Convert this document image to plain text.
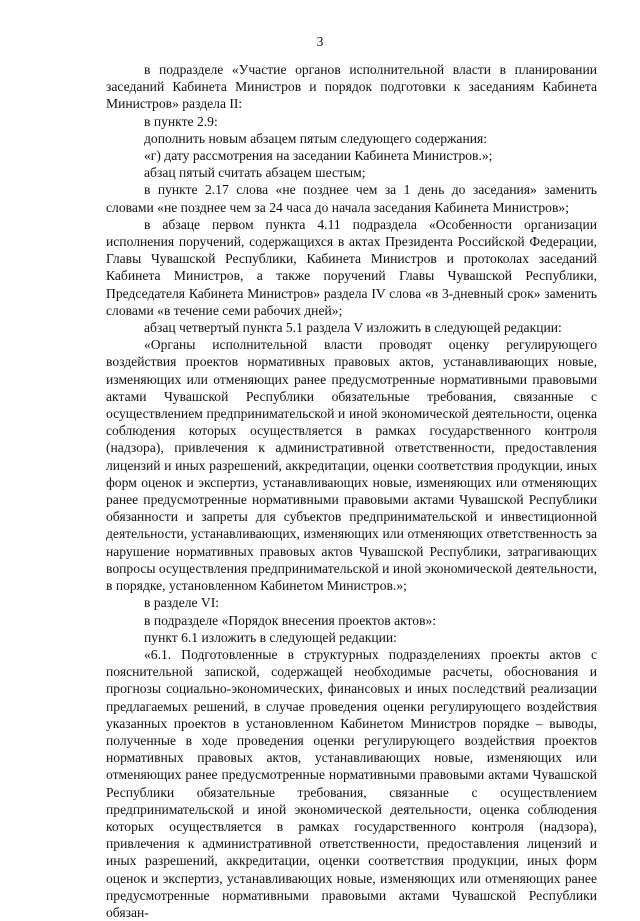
3

в подразделе «Участие органов исполнительной власти в планировании заседаний Кабинета Министров и порядок подготовки к заседаниям Кабинета Министров» раздела II:

в пункте 2.9:

дополнить новым абзацем пятым следующего содержания:

«г) дату рассмотрения на заседании Кабинета Министров.»;

абзац пятый считать абзацем шестым;

в пункте 2.17 слова «не позднее чем за 1 день до заседания» заменить словами «не позднее чем за 24 часа до начала заседания Кабинета Министров»;

в абзаце первом пункта 4.11 подраздела «Особенности организации исполнения поручений, содержащихся в актах Президента Российской Федерации, Главы Чувашской Республики, Кабинета Министров и протоколах заседаний Кабинета Министров, а также поручений Главы Чувашской Республики, Председателя Кабинета Министров» раздела IV слова «в 3-дневный срок» заменить словами «в течение семи рабочих дней»;

абзац четвертый пункта 5.1 раздела V изложить в следующей редакции:

«Органы исполнительной власти проводят оценку регулирующего воздействия проектов нормативных правовых актов, устанавливающих новые, изменяющих или отменяющих ранее предусмотренные нормативными правовыми актами Чувашской Республики обязательные требования, связанные с осуществлением предпринимательской и иной экономической деятельности, оценка соблюдения которых осуществляется в рамках государственного контроля (надзора), привлечения к административной ответственности, предоставления лицензий и иных разрешений, аккредитации, оценки соответствия продукции, иных форм оценок и экспертиз, устанавливающих новые, изменяющих или отменяющих ранее предусмотренные нормативными правовыми актами Чувашской Республики обязанности и запреты для субъектов предпринимательской и инвестиционной деятельности, устанавливающих, изменяющих или отменяющих ответственность за нарушение нормативных правовых актов Чувашской Республики, затрагивающих вопросы осуществления предпринимательской и иной экономической деятельности, в порядке, установленном Кабинетом Министров.»;

в разделе VI:

в подразделе «Порядок внесения проектов актов»:

пункт 6.1 изложить в следующей редакции:

«6.1. Подготовленные в структурных подразделениях проекты актов с пояснительной запиской, содержащей необходимые расчеты, обоснования и прогнозы социально-экономических, финансовых и иных последствий реализации предлагаемых решений, в случае проведения оценки регулирующего воздействия указанных проектов в установленном Кабинетом Министров порядке – выводы, полученные в ходе проведения оценки регулирующего воздействия проектов нормативных правовых актов, устанавливающих новые, изменяющих или отменяющих ранее предусмотренные нормативными правовыми актами Чувашской Республики обязательные требования, связанные с осуществлением предпринимательской и иной экономической деятельности, оценка соблюдения которых осуществляется в рамках государственного контроля (надзора), привлечения к административной ответственности, предоставления лицензий и иных разрешений, аккредитации, оценки соответствия продукции, иных форм оценок и экспертиз, устанавливающих новые, изменяющих или отменяющих ранее предусмотренные нормативными правовыми актами Чувашской Республики обязан-
